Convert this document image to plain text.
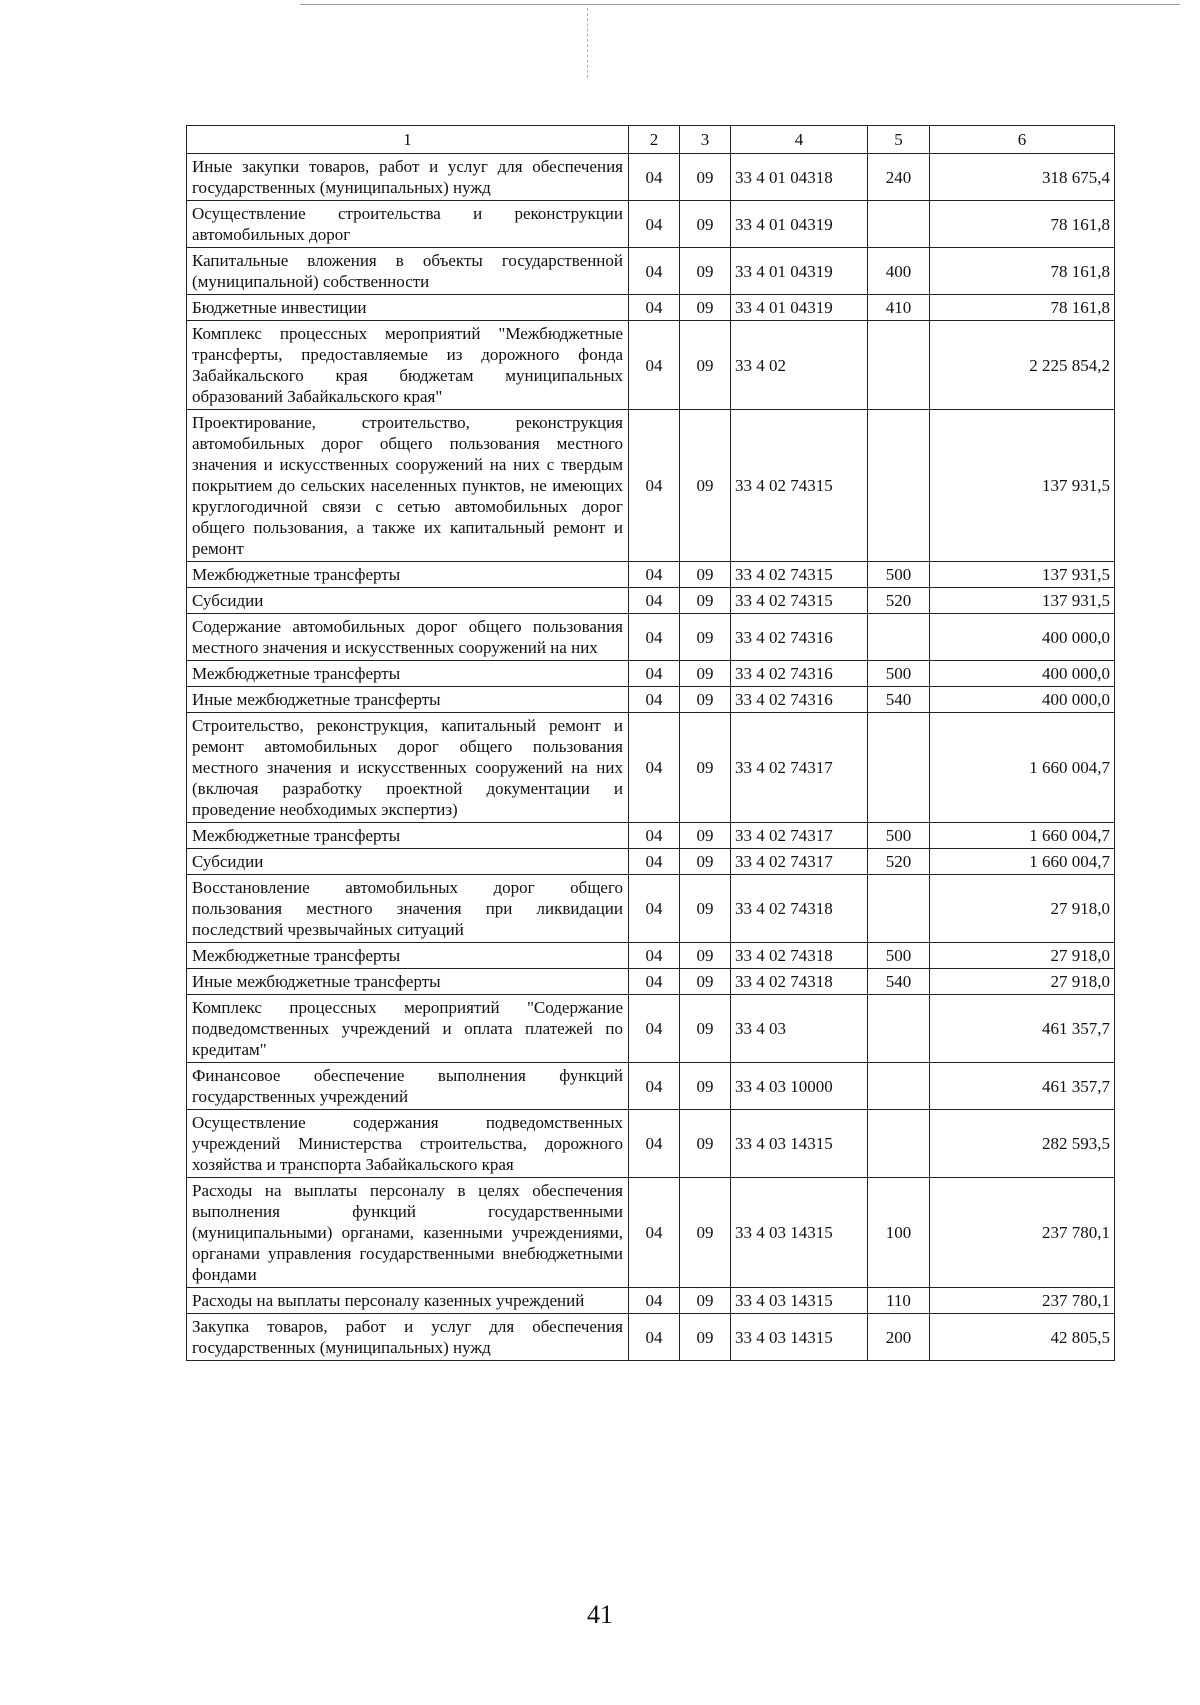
1	2	3	4	5	6
Иные закупки товаров, работ и услуг для обеспечения государственных (муниципальных) нужд	04	09	33 4 01 04318	240	318 675,4
Осуществление строительства и реконструкции автомобильных дорог	04	09	33 4 01 04319		78 161,8
Капитальные вложения в объекты государственной (муниципальной) собственности	04	09	33 4 01 04319	400	78 161,8
Бюджетные инвестиции	04	09	33 4 01 04319	410	78 161,8
Комплекс процессных мероприятий "Межбюджетные трансферты, предоставляемые из дорожного фонда Забайкальского края бюджетам муниципальных образований Забайкальского края"	04	09	33 4 02		2 225 854,2
Проектирование, строительство, реконструкция автомобильных дорог общего пользования местного значения и искусственных сооружений на них с твердым покрытием до сельских населенных пунктов, не имеющих круглогодичной связи с сетью автомобильных дорог общего пользования, а также их капитальный ремонт и ремонт	04	09	33 4 02 74315		137 931,5
Межбюджетные трансферты	04	09	33 4 02 74315	500	137 931,5
Субсидии	04	09	33 4 02 74315	520	137 931,5
Содержание автомобильных дорог общего пользования местного значения и искусственных сооружений на них	04	09	33 4 02 74316		400 000,0
Межбюджетные трансферты	04	09	33 4 02 74316	500	400 000,0
Иные межбюджетные трансферты	04	09	33 4 02 74316	540	400 000,0
Строительство, реконструкция, капитальный ремонт и ремонт автомобильных дорог общего пользования местного значения и искусственных сооружений на них (включая разработку проектной документации и проведение необходимых экспертиз)	04	09	33 4 02 74317		1 660 004,7
Межбюджетные трансферты	04	09	33 4 02 74317	500	1 660 004,7
Субсидии	04	09	33 4 02 74317	520	1 660 004,7
Восстановление автомобильных дорог общего пользования местного значения при ликвидации последствий чрезвычайных ситуаций	04	09	33 4 02 74318		27 918,0
Межбюджетные трансферты	04	09	33 4 02 74318	500	27 918,0
Иные межбюджетные трансферты	04	09	33 4 02 74318	540	27 918,0
Комплекс процессных мероприятий "Содержание подведомственных учреждений и оплата платежей по кредитам"	04	09	33 4 03		461 357,7
Финансовое обеспечение выполнения функций государственных учреждений	04	09	33 4 03 10000		461 357,7
Осуществление содержания подведомственных учреждений Министерства строительства, дорожного хозяйства и транспорта Забайкальского края	04	09	33 4 03 14315		282 593,5
Расходы на выплаты персоналу в целях обеспечения выполнения функций государственными (муниципальными) органами, казенными учреждениями, органами управления государственными внебюджетными фондами	04	09	33 4 03 14315	100	237 780,1
Расходы на выплаты персоналу казенных учреждений	04	09	33 4 03 14315	110	237 780,1
Закупка товаров, работ и услуг для обеспечения государственных (муниципальных) нужд	04	09	33 4 03 14315	200	42 805,5
41
